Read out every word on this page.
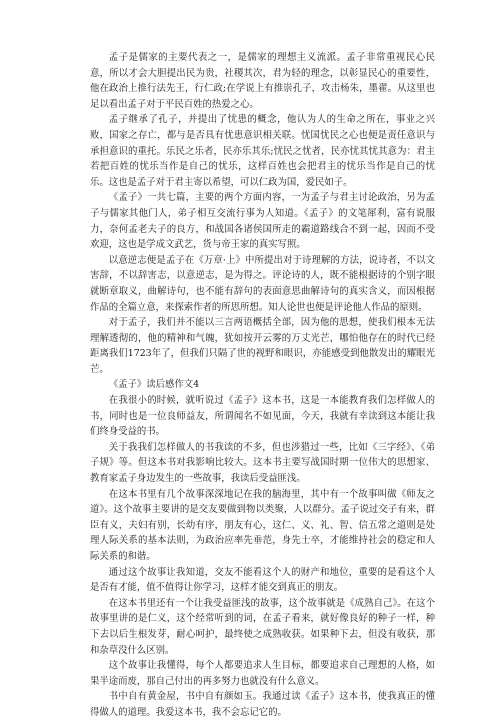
孟子是儒家的主要代表之一，是儒家的理想主义流派。孟子非常重视民心民意，所以才会大胆提出民为贵，社稷其次，君为轻的理念，以彰显民心的重要性，他在政治上推行法先王，行仁政;在学说上有推崇孔子，攻击杨朱，墨翟。从这里也足以看出孟子对于平民百姓的热爱之心。

孟子继承了孔子，并提出了忧患的概念，他认为人的生命之所在，事业之兴败，国家之存亡，都与是否具有忧患意识相关联。忧国忧民之心也便是责任意识与承担意识的重托。乐民之乐者，民亦乐其乐;忧民之忧者，民亦忧其忧其意为：君主若把百姓的忧乐当作是自己的忧乐，这样百姓也会把君主的忧乐当作是自己的忧乐。这也是孟子对于君主寄以希望，可以仁政为国，爱民如子。

《孟子》一共七篇，主要的两个方面内容，一为孟子与君主讨论政治，另为孟子与儒家其他门人，弟子相互交流行事为人知道。《孟子》的文笔犀利，富有说服力，奈何孟老夫子的良方，和战国各诸侯国所走的霸道路线合不到一起，因而不受欢迎，这也是学成文武艺，货与帝王家的真实写照。

以意逆志便是孟子在《万章·上》中所提出对于诗理解的方法，说诗者，不以文害辞，不以辞害志，以意逆志，是为得之。评论诗的人，既不能根据诗的个别字眼就断章取义，曲解诗句，也不能有辞句的表面意思曲解诗句的真实含义，而因根据作品的全篇立意，来探索作者的所思所想。知人论世也便是评论他人作品的原则。

对于孟子，我们并不能以三言两语概括全部，因为他的思想，使我们根本无法理解透彻的，他的精神和气魄，犹如按开云雾的万丈光芒，哪怕他存在的时代已经距离我们1723年了，但我们只隔了世的视野和眼识，亦能感受到他散发出的耀眼光芒。

《孟子》读后感作文4

在我很小的时候，就听说过《孟子》这本书，这是一本能教育我们怎样做人的书，同时也是一位良师益友，所谓闻名不如见面，今天，我就有幸读到这本能让我们终身受益的书。

关于我我们怎样做人的书我读的不多，但也涉猎过一些，比如《三字经》、《弟子规》等。但这本书对我影响比较大。这本书主要写战国时期一位伟大的思想家、教育家孟子身边发生的一些故事，我读后受益匪浅。

在这本书里有几个故事深深地记在我的脑海里，其中有一个故事叫做《师友之道》。这个故事主要讲的是交友要做到物以类聚，人以群分。孟子说过交子有来，群臣有义，夫妇有别，长幼有序，朋友有心，这仁、义、礼、智、信五常之道则是处理人际关系的基本法则，为政治应率先垂范，身先士卒，才能维持社会的稳定和人际关系的和谐。

通过这个故事让我知道，交友不能看这个人的财产和地位，重要的是看这个人是否有才能，值不值得让你学习，这样才能交到真正的朋友。

在这本书里还有一个让我受益匪浅的故事，这个故事就是《成熟自己》。在这个故事里讲的是仁义，这个经常听到的词，在孟子看来，就好像良好的种子一样，种下去以后生根发芽，耐心呵护，最终使之成熟收获。如果种下去，但没有收获，那和杂草没什么区别。

这个故事让我懂得，每个人都要追求人生目标，都要追求自己理想的人格，如果半途而废，那自己付出的再多努力也就没有什么意义。

书中自有黄金屋，书中自有颜如玉。我通过读《孟子》这本书，使我真正的懂得做人的道理。我爱这本书，我不会忘记它的。
